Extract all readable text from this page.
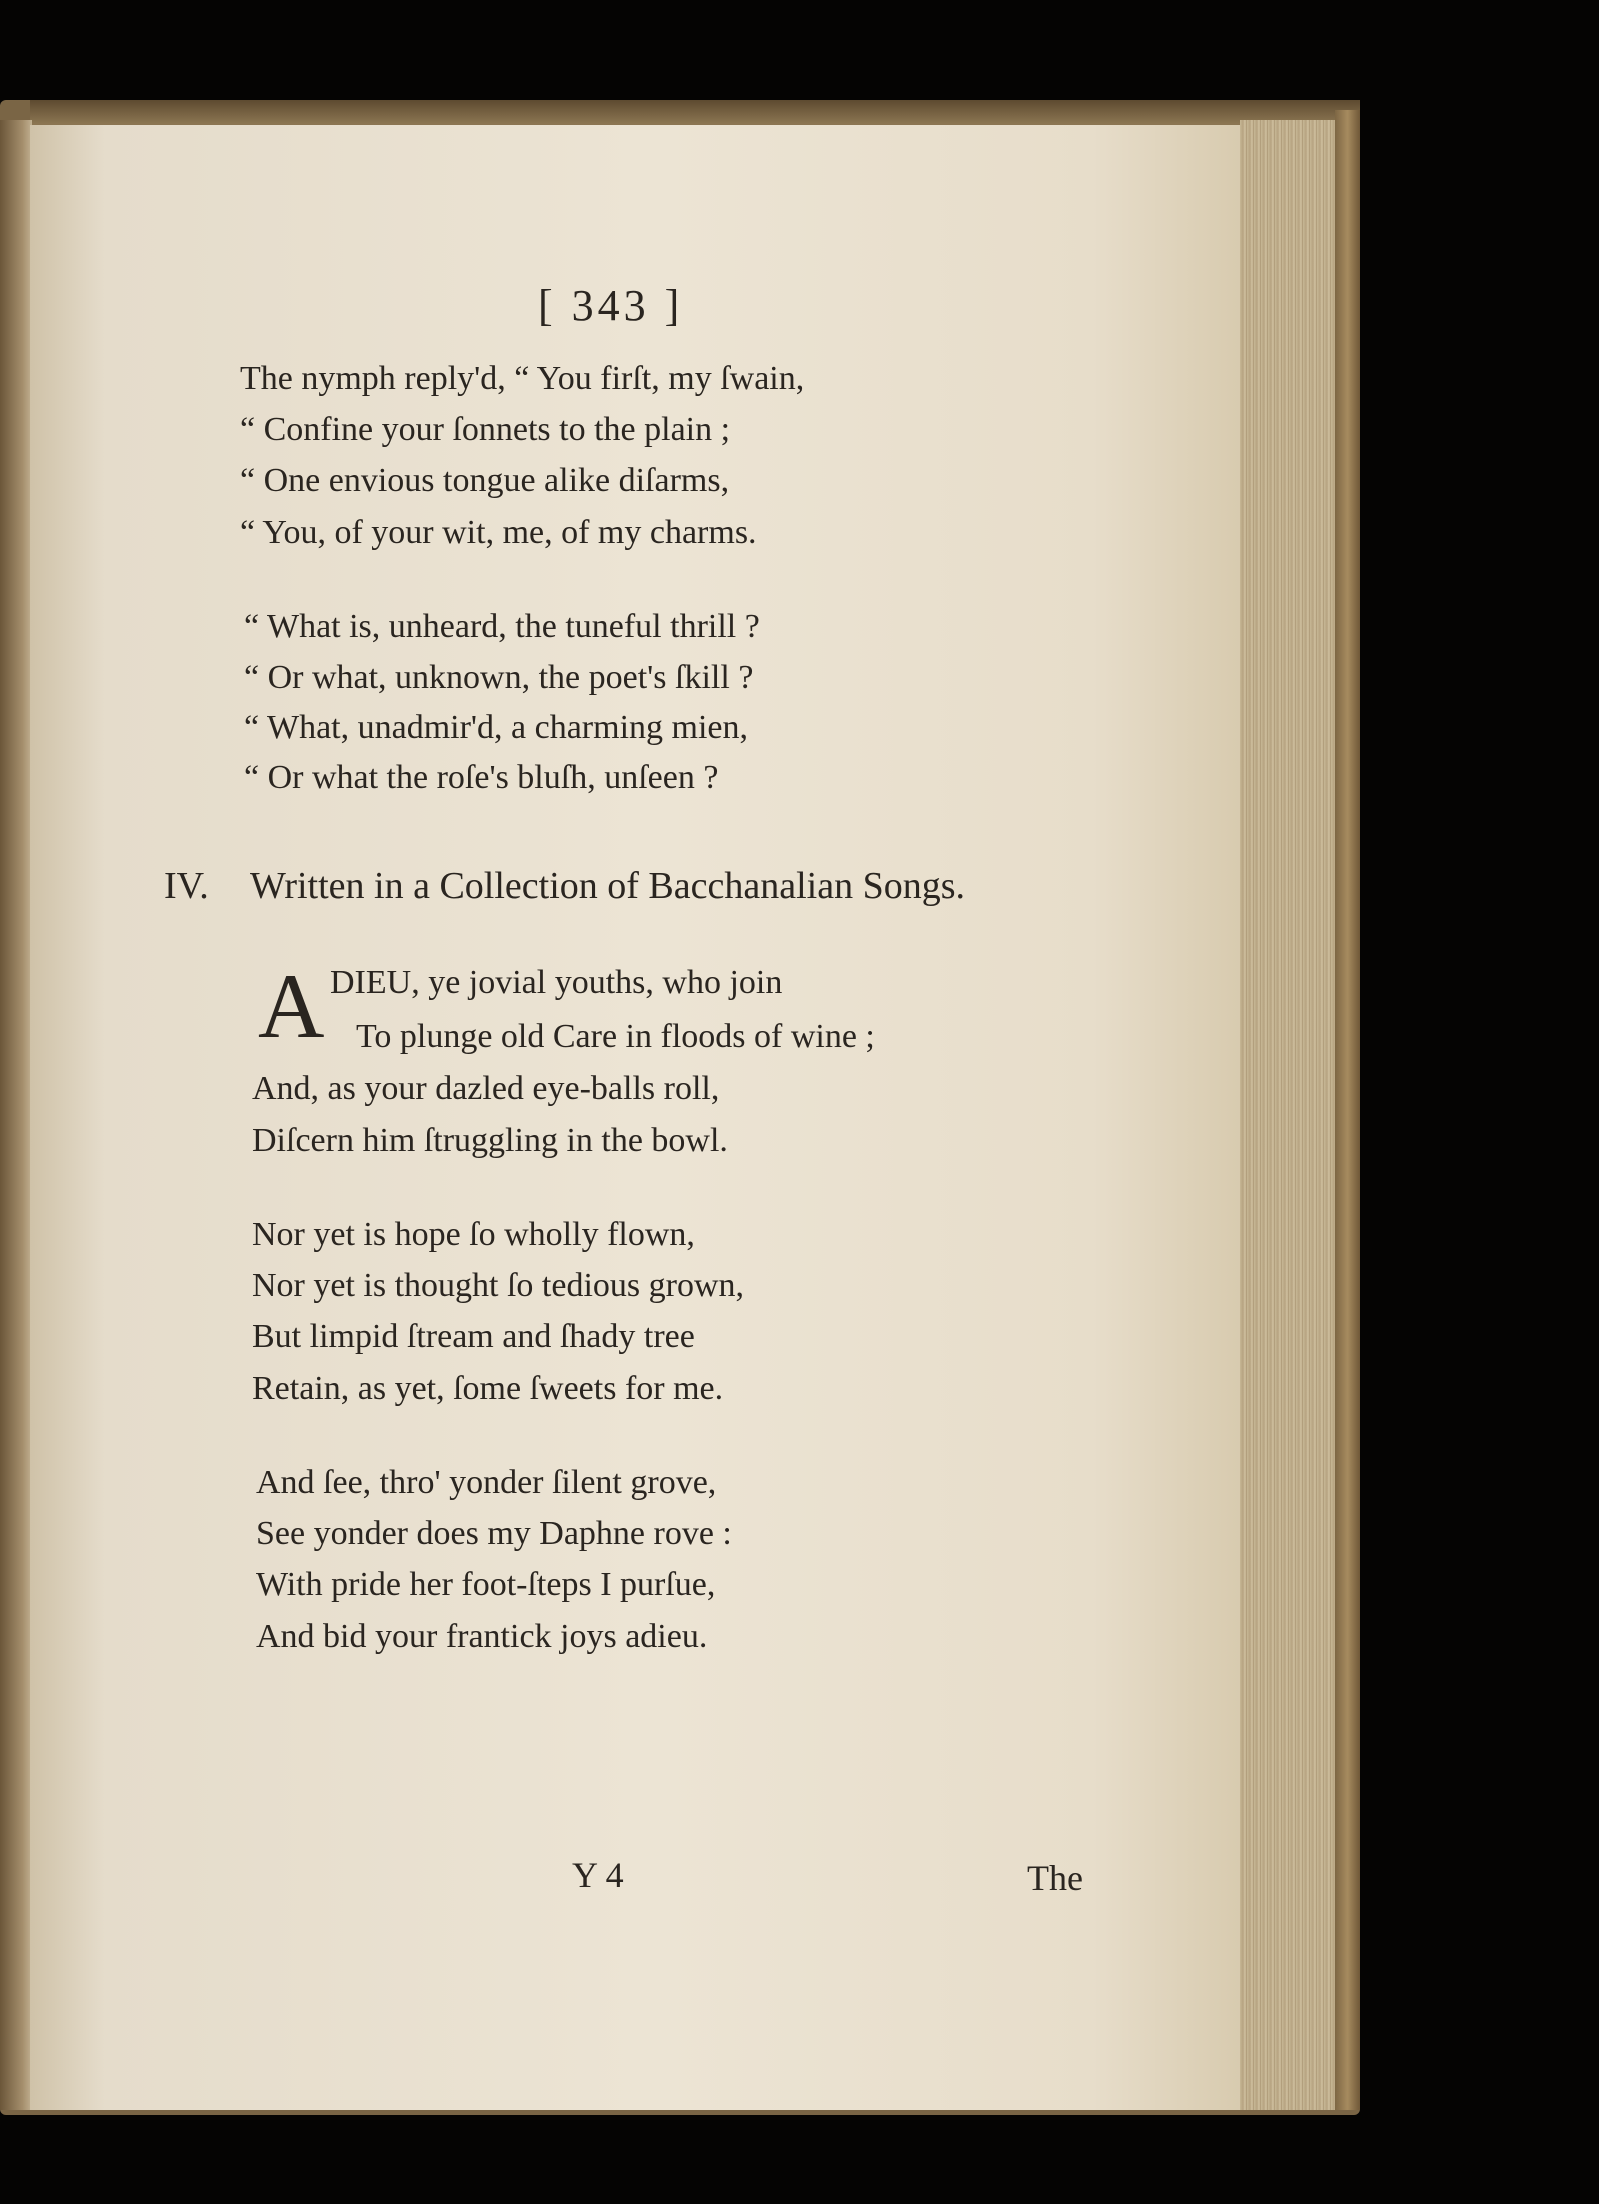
[ 343 ]
The nymph reply'd, “ You firſt, my ſwain,
“ Confine your ſonnets to the plain ;
“ One envious tongue alike diſarms,
“ You, of your wit, me, of my charms.
“ What is, unheard, the tuneful thrill ?
“ Or what, unknown, the poet's ſkill ?
“ What, unadmir'd, a charming mien,
“ Or what the roſe's bluſh, unſeen ?
IV. Written in a Collection of Bacchanalian Songs.
A DIEU, ye jovial youths, who join
To plunge old Care in floods of wine ;
And, as your dazled eye-balls roll,
Diſcern him ſtruggling in the bowl.
Nor yet is hope ſo wholly flown,
Nor yet is thought ſo tedious grown,
But limpid ſtream and ſhady tree
Retain, as yet, ſome ſweets for me.
And ſee, thro' yonder ſilent grove,
See yonder does my Daphne rove :
With pride her foot-ſteps I purſue,
And bid your frantick joys adieu.
Y 4	The
